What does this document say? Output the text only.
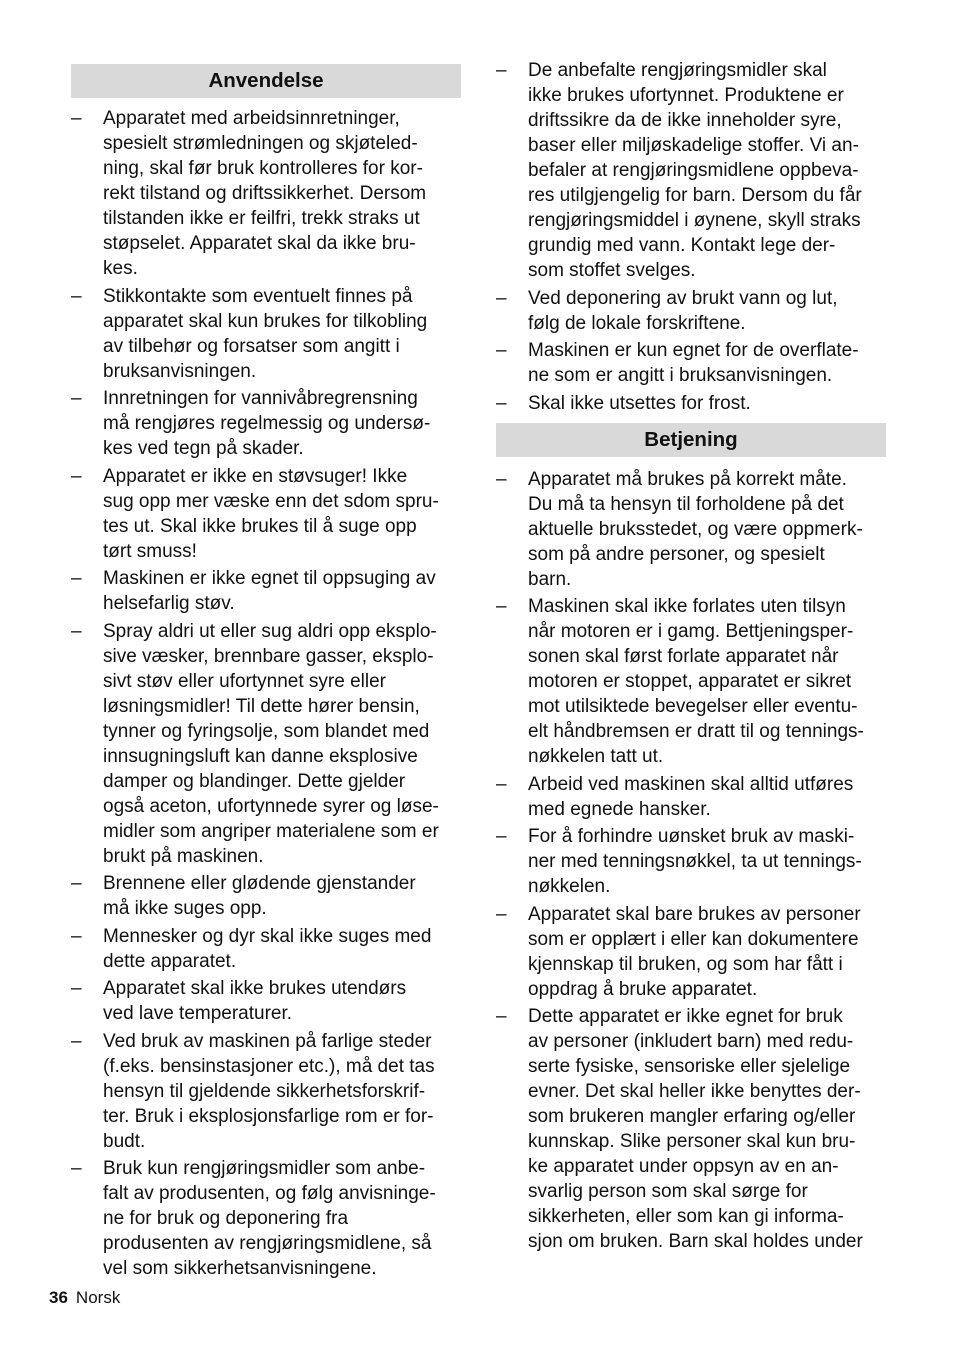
Anvendelse
– Apparatet med arbeidsinnretninger,
spesielt strømledningen og skjøteled-
ning, skal før bruk kontrolleres for kor-
rekt tilstand og driftssikkerhet. Dersom
tilstanden ikke er feilfri, trekk straks ut
støpselet. Apparatet skal da ikke bru-
kes.
– Stikkontakte som eventuelt finnes på
apparatet skal kun brukes for tilkobling
av tilbehør og forsatser som angitt i
bruksanvisningen.
– Innretningen for vannivåbregrensning
må rengjøres regelmessig og undersø-
kes ved tegn på skader.
– Apparatet er ikke en støvsuger! Ikke
sug opp mer væske enn det sdom spru-
tes ut. Skal ikke brukes til å suge opp
tørt smuss!
– Maskinen er ikke egnet til oppsuging av
helsefarlig støv.
– Spray aldri ut eller sug aldri opp eksplo-
sive væsker, brennbare gasser, eksplo-
sivt støv eller ufortynnet syre eller
løsningsmidler! Til dette hører bensin,
tynner og fyringsolje, som blandet med
innsugningsluft kan danne eksplosive
damper og blandinger. Dette gjelder
også aceton, ufortynnede syrer og løse-
midler som angriper materialene som er
brukt på maskinen.
– Brennene eller glødende gjenstander
må ikke suges opp.
– Mennesker og dyr skal ikke suges med
dette apparatet.
– Apparatet skal ikke brukes utendørs
ved lave temperaturer.
– Ved bruk av maskinen på farlige steder
(f.eks. bensinstasjoner etc.), må det tas
hensyn til gjeldende sikkerhetsforskrif-
ter. Bruk i eksplosjonsfarlige rom er for-
budt.
– Bruk kun rengjøringsmidler som anbe-
falt av produsenten, og følg anvisninge-
ne for bruk og deponering fra
produsenten av rengjøringsmidlene, så
vel som sikkerhetsanvisningene.
– De anbefalte rengjøringsmidler skal
ikke brukes ufortynnet. Produktene er
driftssikre da de ikke inneholder syre,
baser eller miljøskadelige stoffer. Vi an-
befaler at rengjøringsmidlene oppbeva-
res utilgjengelig for barn. Dersom du får
rengjøringsmiddel i øynene, skyll straks
grundig med vann. Kontakt lege der-
som stoffet svelges.
– Ved deponering av brukt vann og lut,
følg de lokale forskriftene.
– Maskinen er kun egnet for de overflate-
ne som er angitt i bruksanvisningen.
– Skal ikke utsettes for frost.
Betjening
– Apparatet må brukes på korrekt måte.
Du må ta hensyn til forholdene på det
aktuelle bruksstedet, og være oppmerk-
som på andre personer, og spesielt
barn.
– Maskinen skal ikke forlates uten tilsyn
når motoren er i gamg. Bettjeningsper-
sonen skal først forlate apparatet når
motoren er stoppet, apparatet er sikret
mot utilsiktede bevegelser eller eventu-
elt håndbremsen er dratt til og tennings-
nøkkelen tatt ut.
– Arbeid ved maskinen skal alltid utføres
med egnede hansker.
– For å forhindre uønsket bruk av maski-
ner med tenningsnøkkel, ta ut tennings-
nøkkelen.
– Apparatet skal bare brukes av personer
som er opplært i eller kan dokumentere
kjennskap til bruken, og som har fått i
oppdrag å bruke apparatet.
– Dette apparatet er ikke egnet for bruk
av personer (inkludert barn) med redu-
serte fysiske, sensoriske eller sjelelige
evner. Det skal heller ikke benyttes der-
som brukeren mangler erfaring og/eller
kunnskap. Slike personer skal kun bru-
ke apparatet under oppsyn av en an-
svarlig person som skal sørge for
sikkerheten, eller som kan gi informa-
sjon om bruken. Barn skal holdes under
36 Norsk
